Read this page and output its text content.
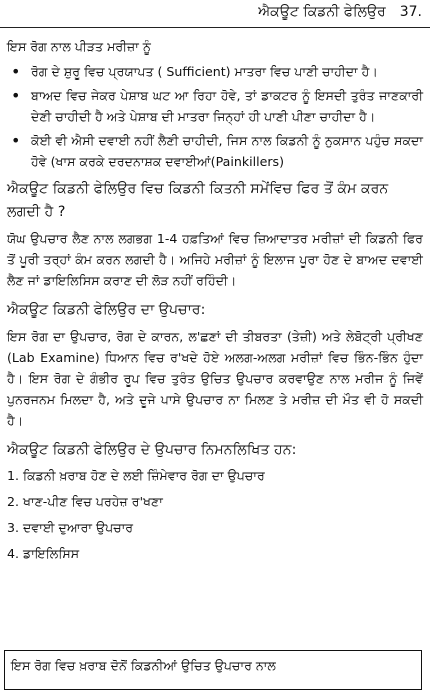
ਐਕਊਟ ਕਿਡਨੀ ਫੇਲਿਉਰ 37.

ਇਸ ਰੋਗ ਨਾਲ ਪੀੜਤ ਮਰੀਜ਼ਾ ਨੂੰ

• ਰੋਗ ਦੇ ਸ਼ੁਰੂ ਵਿਚ ਪ੍ਰਯਾਪਤ ( Sufficient) ਮਾਤਰਾ ਵਿਚ ਪਾਣੀ ਚਾਹੀਦਾ ਹੈ।
• ਬਾਅਦ ਵਿਚ ਜੇਕਰ ਪੇਸ਼ਾਬ ਘਟ ਆ ਰਿਹਾ ਹੋਵੇ, ਤਾਂ ਡਾਕਟਰ ਨੂੰ ਇਸਦੀ ਤੁਰੰਤ ਜਾਣਕਾਰੀ ਦੇਣੀ ਚਾਹੀਦੀ ਹੈ ਅਤੇ ਪੇਸ਼ਾਬ ਦੀ ਮਾਤਰਾ ਜਿਨ੍ਹਾਂ ਹੀ ਪਾਣੀ ਪੀਣਾ ਚਾਹੀਦਾ ਹੈ।
• ਕੋਈ ਵੀ ਐਸੀ ਦਵਾਈ ਨਹੀਂ ਲੈਣੀ ਚਾਹੀਦੀ, ਜਿਸ ਨਾਲ ਕਿਡਨੀ ਨੂੰ ਨੁਕਸਾਨ ਪਹੁੰਚ ਸਕਦਾ ਹੋਵੇ (ਖਾਸ ਕਰਕੇ ਦਰਦਨਾਸ਼ਕ ਦਵਾਈਆਂ(Painkillers)
ਐਕਊਟ ਕਿਡਨੀ ਫੇਲਿਉਰ ਵਿਚ ਕਿਡਨੀ ਕਿਤਨੀ ਸਮੇਂਵਿਚ ਫਿਰ ਤੋਂ ਕੰਮ ਕਰਨ ਲਗਦੀ ਹੈ ?

ਯੋਘ ਉਪਚਾਰ ਲੈਣ ਨਾਲ ਲਗਭਗ 1-4 ਹਫ਼ਤਿਆਂ ਵਿਚ ਜ਼ਿਆਦਾਤਰ ਮਰੀਜ਼ਾਂ ਦੀ ਕਿਡਨੀ ਫਿਰ ਤੋਂ ਪੂਰੀ ਤਰ੍ਹਾਂ ਕੰਮ ਕਰਨ ਲਗਦੀ ਹੈ। ਅਜਿਹੇ ਮਰੀਜ਼ਾਂ ਨੂੰ ਇਲਾਜ ਪੂਰਾ ਹੋਣ ਦੇ ਬਾਅਦ ਦਵਾਈ ਲੈਣ ਜਾਂ ਡਾਇਲਿਸਿਸ ਕਰਾਣ ਦੀ ਲੋੜ ਨਹੀਂ ਰਹਿੰਦੀ।

ਐਕਊਟ ਕਿਡਨੀ ਫੇਲਿਉਰ ਦਾ ਉਪਚਾਰ:

ਇਸ ਰੋਗ ਦਾ ਉਪਚਾਰ, ਰੋਗ ਦੇ ਕਾਰਨ, ਲ'ਛਣਾਂ ਦੀ ਤੀਬਰਤਾ (ਤੇਜ਼ੀ) ਅਤੇ ਲੇਬੋਟ੍ਰੀ ਪ੍ਰੀਖਣ (Lab Examine) ਧਿਆਨ ਵਿਚ ਰ'ਖਦੇ ਹੋਏ ਅਲਗ-ਅਲਗ ਮਰੀਜ਼ਾਂ ਵਿਚ ਭਿੰਨ-ਭਿੰਨ ਹੁੰਦਾ ਹੈ। ਇਸ ਰੋਗ ਦੇ ਗੰਭੀਰ ਰੂਪ ਵਿਚ ਤੁਰੰਤ ਉਚਿਤ ਉਪਚਾਰ ਕਰਵਾਉਣ ਨਾਲ ਮਰੀਜ ਨੂੰ ਜਿਵੇਂ ਪੁਨਰਜਨਮ ਮਿਲਦਾ ਹੈ, ਅਤੇ ਦੂਜੇ ਪਾਸੇ ਉਪਚਾਰ ਨਾ ਮਿਲਣ ਤੇ ਮਰੀਜ਼ ਦੀ ਮੌਤ ਵੀ ਹੋ ਸਕਦੀ ਹੈ।

ਐਕਊਟ ਕਿਡਨੀ ਫੇਲਿਉਰ ਦੇ ਉਪਚਾਰ ਨਿਮਨਲਿਖਿਤ ਹਨ:
1. ਕਿਡਨੀ ਖ਼ਰਾਬ ਹੋਣ ਦੇ ਲਈ ਜ਼ਿੰਮੇਵਾਰ ਰੋਗ ਦਾ ਉਪਚਾਰ
2. ਖਾਣ-ਪੀਣ ਵਿਚ ਪਰਹੇਜ਼ ਰ'ਖਣਾ
3. ਦਵਾਈ ਦੁਆਰਾ ਉਪਚਾਰ
4. ਡਾਇਲਿਸਿਸ
ਇਸ ਰੋਗ ਵਿਚ ਖ਼ਰਾਬ ਦੋਨੋਂ ਕਿਡਨੀਆਂ ਉਚਿਤ ਉਪਚਾਰ ਨਾਲ
